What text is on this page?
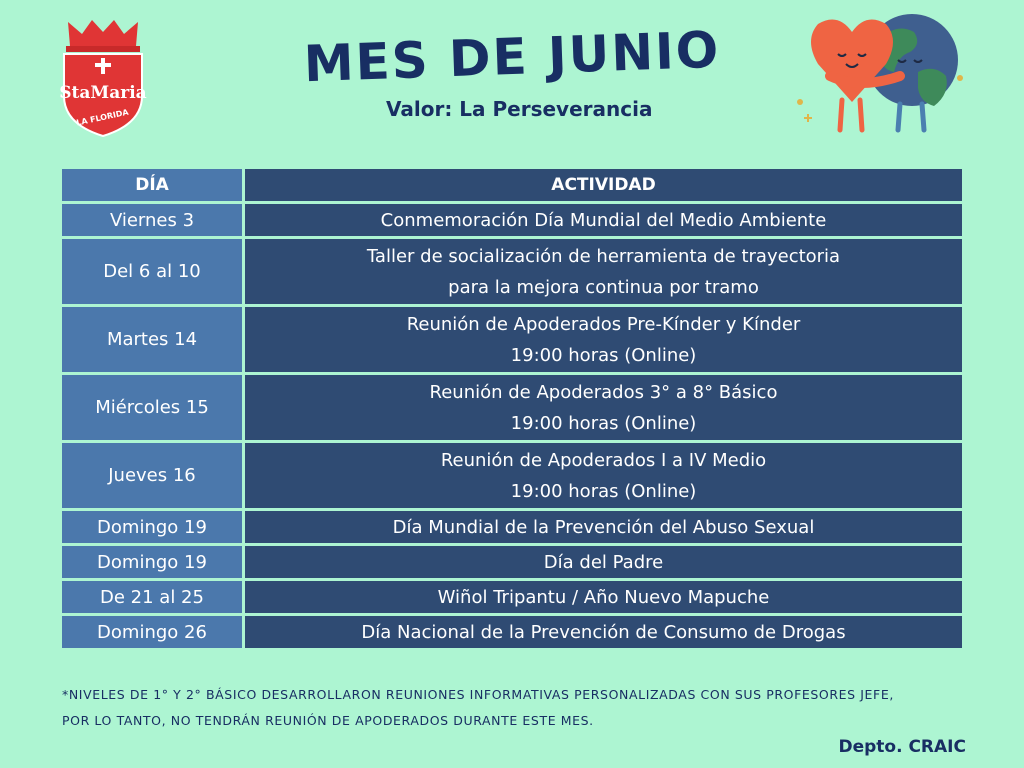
StaMaria
LA FLORIDA
MES DE JUNIO
Valor: La Perseverancia
DÍA	ACTIVIDAD
Viernes 3	Conmemoración Día Mundial del Medio Ambiente
Del 6 al 10	Taller de socialización de herramienta de trayectoria
para la mejora continua por tramo

Martes 14	Reunión de Apoderados Pre-Kínder y Kínder
19:00 horas (Online)

Miércoles 15	Reunión de Apoderados 3° a 8° Básico
19:00 horas (Online)

Jueves 16	Reunión de Apoderados I a IV Medio
19:00 horas (Online)

Domingo 19	Día Mundial de la Prevención del Abuso Sexual
Domingo 19	Día del Padre
De 21 al 25	Wiñol Tripantu / Año Nuevo Mapuche
Domingo 26	Día Nacional de la Prevención de Consumo de Drogas
*NIVELES DE 1° Y 2° BÁSICO DESARROLLARON REUNIONES INFORMATIVAS PERSONALIZADAS CON SUS PROFESORES JEFE,
POR LO TANTO, NO TENDRÁN REUNIÓN DE APODERADOS DURANTE ESTE MES.
Depto. CRAIC
